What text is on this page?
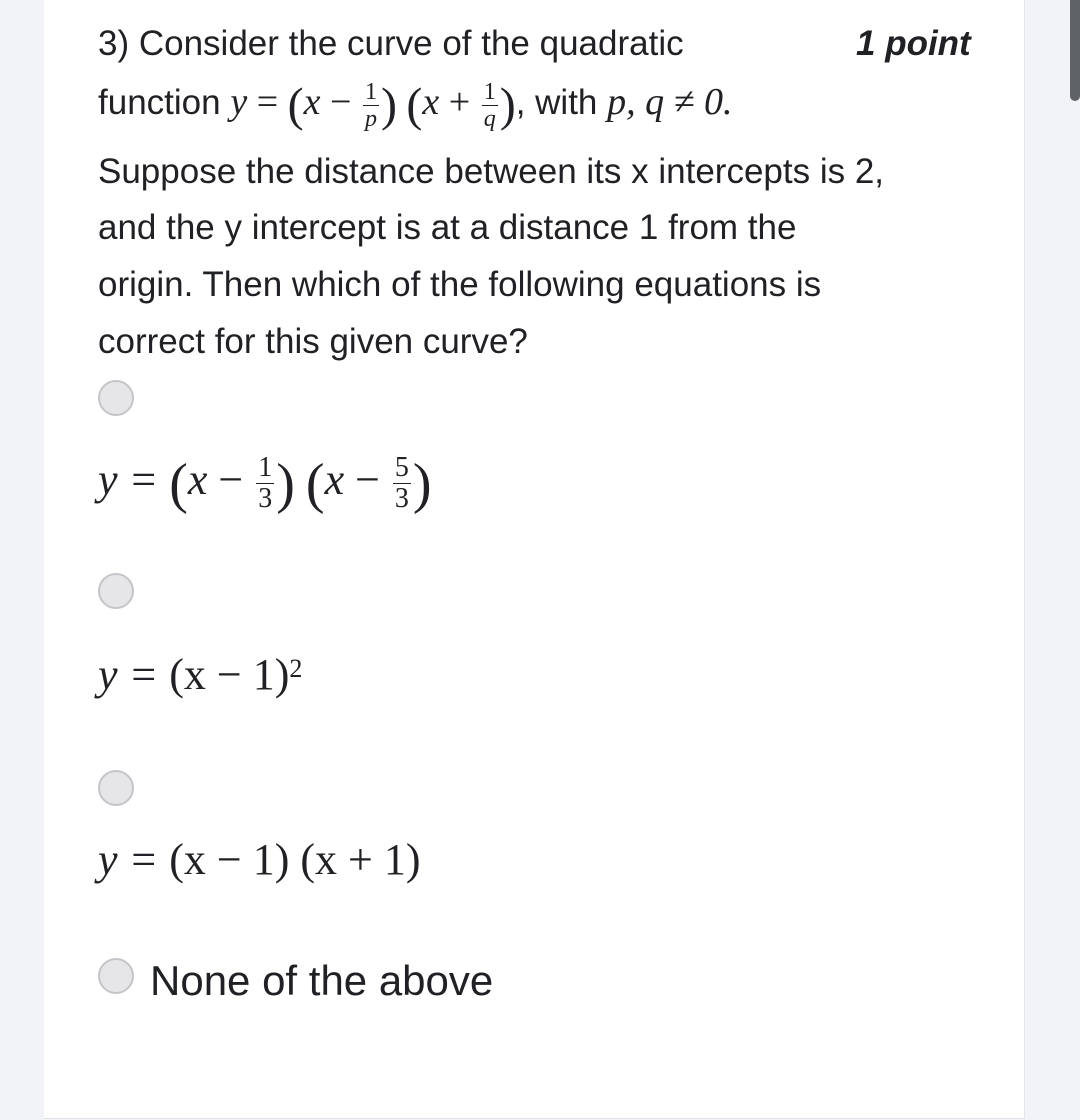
3) Consider the curve of the quadratic	1 point
function $y = (x - \frac{1}{p}$ ) ($x + \frac{1}{q}$ ), with p, q ≠ 0.
Suppose the distance between its x intercepts is 2,
and the y intercept is at a distance 1 from the
origin. Then which of the following equations is
correct for this given curve?
$y = (x - \frac{1}{3}$ ) ($x - \frac{5}{3}$ )
$y = (x - 1)^2$
y = (x − 1) (x + 1)
None of the above
